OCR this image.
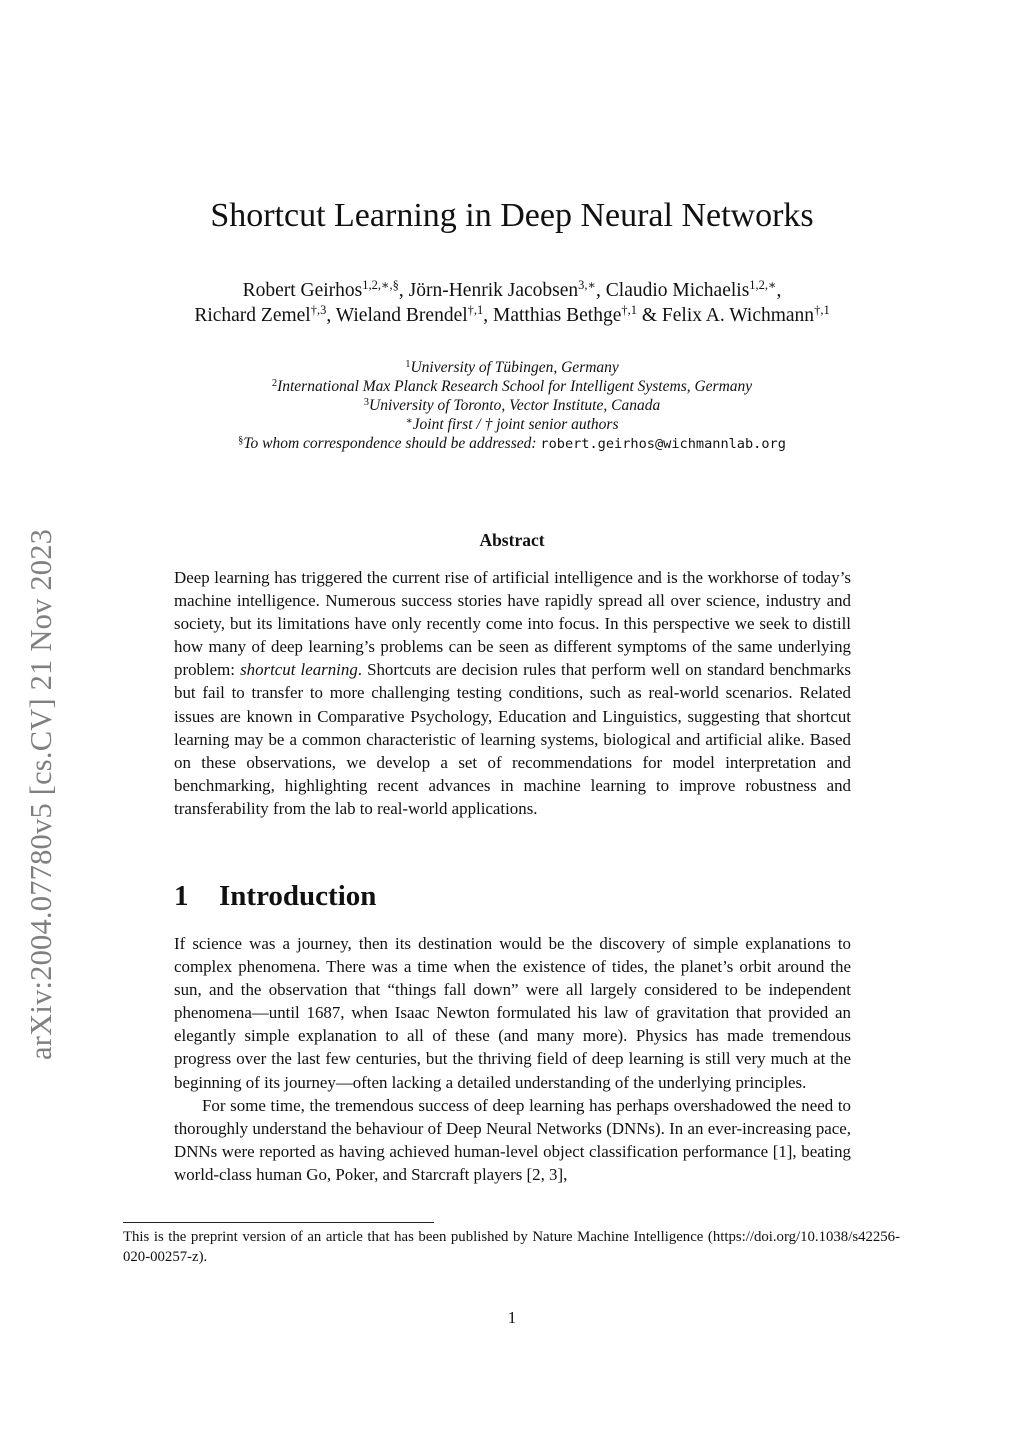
arXiv:2004.07780v5 [cs.CV] 21 Nov 2023
Shortcut Learning in Deep Neural Networks
Robert Geirhos$^{1,2,∗,\S}$, Jörn-Henrik Jacobsen$^{3,∗}$, Claudio Michaelis$^{1,2,∗}$,
Richard Zemel$^{\dagger,3}$, Wieland Brendel$^{\dagger,1}$, Matthias Bethge$^{\dagger,1}$ & Felix A. Wichmann$^{\dagger,1}$
$^1$University of Tübingen, Germany
$^2$International Max Planck Research School for Intelligent Systems, Germany
$^3$University of Toronto, Vector Institute, Canada
∗Joint first / † joint senior authors
§To whom correspondence should be addressed: robert.geirhos@wichmannlab.org
Abstract

Deep learning has triggered the current rise of artificial intelligence and is the workhorse of today’s machine intelligence. Numerous success stories have rapidly spread all over science, industry and society, but its limitations have only recently come into focus. In this perspective we seek to distill how many of deep learning’s problems can be seen as different symptoms of the same underlying problem: shortcut learning. Shortcuts are decision rules that perform well on standard benchmarks but fail to transfer to more challenging testing conditions, such as real-world scenarios. Related issues are known in Comparative Psychology, Education and Linguistics, suggesting that shortcut learning may be a common characteristic of learning systems, biological and artificial alike. Based on these observations, we develop a set of recommendations for model interpretation and benchmarking, highlighting recent advances in machine learning to improve robustness and transferability from the lab to real-world applications.

1 Introduction

If science was a journey, then its destination would be the discovery of simple explanations to complex phenomena. There was a time when the existence of tides, the planet’s orbit around the sun, and the observation that “things fall down” were all largely considered to be independent phenomena—until 1687, when Isaac Newton formulated his law of gravitation that provided an elegantly simple explanation to all of these (and many more). Physics has made tremendous progress over the last few centuries, but the thriving field of deep learning is still very much at the beginning of its journey—often lacking a detailed understanding of the underlying principles.

For some time, the tremendous success of deep learning has perhaps overshadowed the need to thoroughly understand the behaviour of Deep Neural Networks (DNNs). In an ever-increasing pace, DNNs were reported as having achieved human-level object classification performance [1], beating world-class human Go, Poker, and Starcraft players [2, 3],

This is the preprint version of an article that has been published by Nature Machine Intelligence (https://doi.org/10.1038/s42256-020-00257-z).
1
